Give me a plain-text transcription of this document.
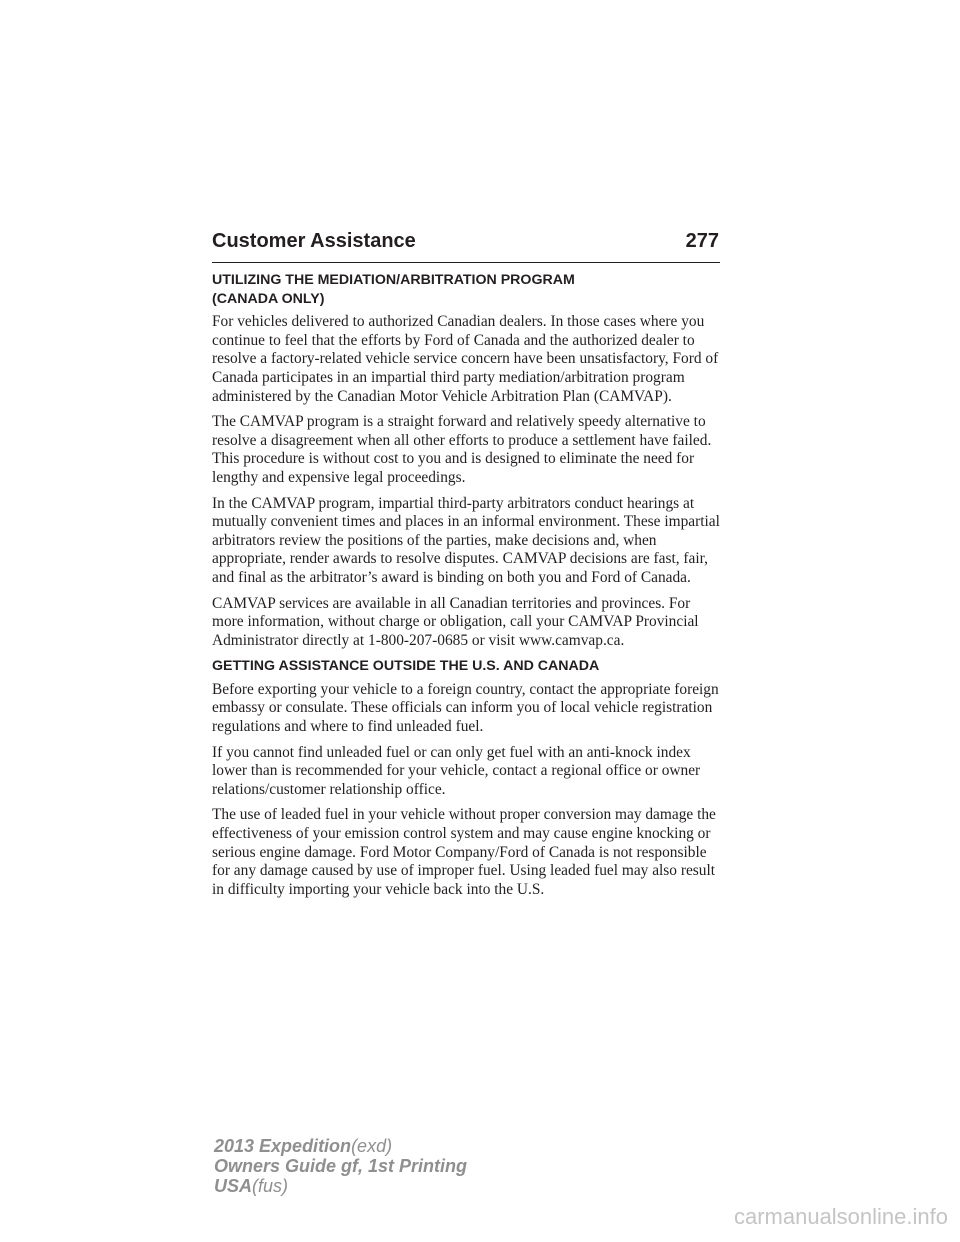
Customer Assistance	277
UTILIZING THE MEDIATION/ARBITRATION PROGRAM
(CANADA ONLY)

For vehicles delivered to authorized Canadian dealers. In those cases where you continue to feel that the efforts by Ford of Canada and the authorized dealer to resolve a factory-related vehicle service concern have been unsatisfactory, Ford of Canada participates in an impartial third party mediation/arbitration program administered by the Canadian Motor Vehicle Arbitration Plan (CAMVAP).

The CAMVAP program is a straight forward and relatively speedy alternative to resolve a disagreement when all other efforts to produce a settlement have failed. This procedure is without cost to you and is designed to eliminate the need for lengthy and expensive legal proceedings.

In the CAMVAP program, impartial third-party arbitrators conduct hearings at mutually convenient times and places in an informal environment. These impartial arbitrators review the positions of the parties, make decisions and, when appropriate, render awards to resolve disputes. CAMVAP decisions are fast, fair, and final as the arbitrator’s award is binding on both you and Ford of Canada.

CAMVAP services are available in all Canadian territories and provinces. For more information, without charge or obligation, call your CAMVAP Provincial Administrator directly at 1-800-207-0685 or visit www.camvap.ca.

GETTING ASSISTANCE OUTSIDE THE U.S. AND CANADA

Before exporting your vehicle to a foreign country, contact the appropriate foreign embassy or consulate. These officials can inform you of local vehicle registration regulations and where to find unleaded fuel.

If you cannot find unleaded fuel or can only get fuel with an anti-knock index lower than is recommended for your vehicle, contact a regional office or owner relations/customer relationship office.

The use of leaded fuel in your vehicle without proper conversion may damage the effectiveness of your emission control system and may cause engine knocking or serious engine damage. Ford Motor Company/Ford of Canada is not responsible for any damage caused by use of improper fuel. Using leaded fuel may also result in difficulty importing your vehicle back into the U.S.

2013 Expedition(exd)
Owners Guide gf, 1st Printing
USA(fus)
carmanualsonline.info
